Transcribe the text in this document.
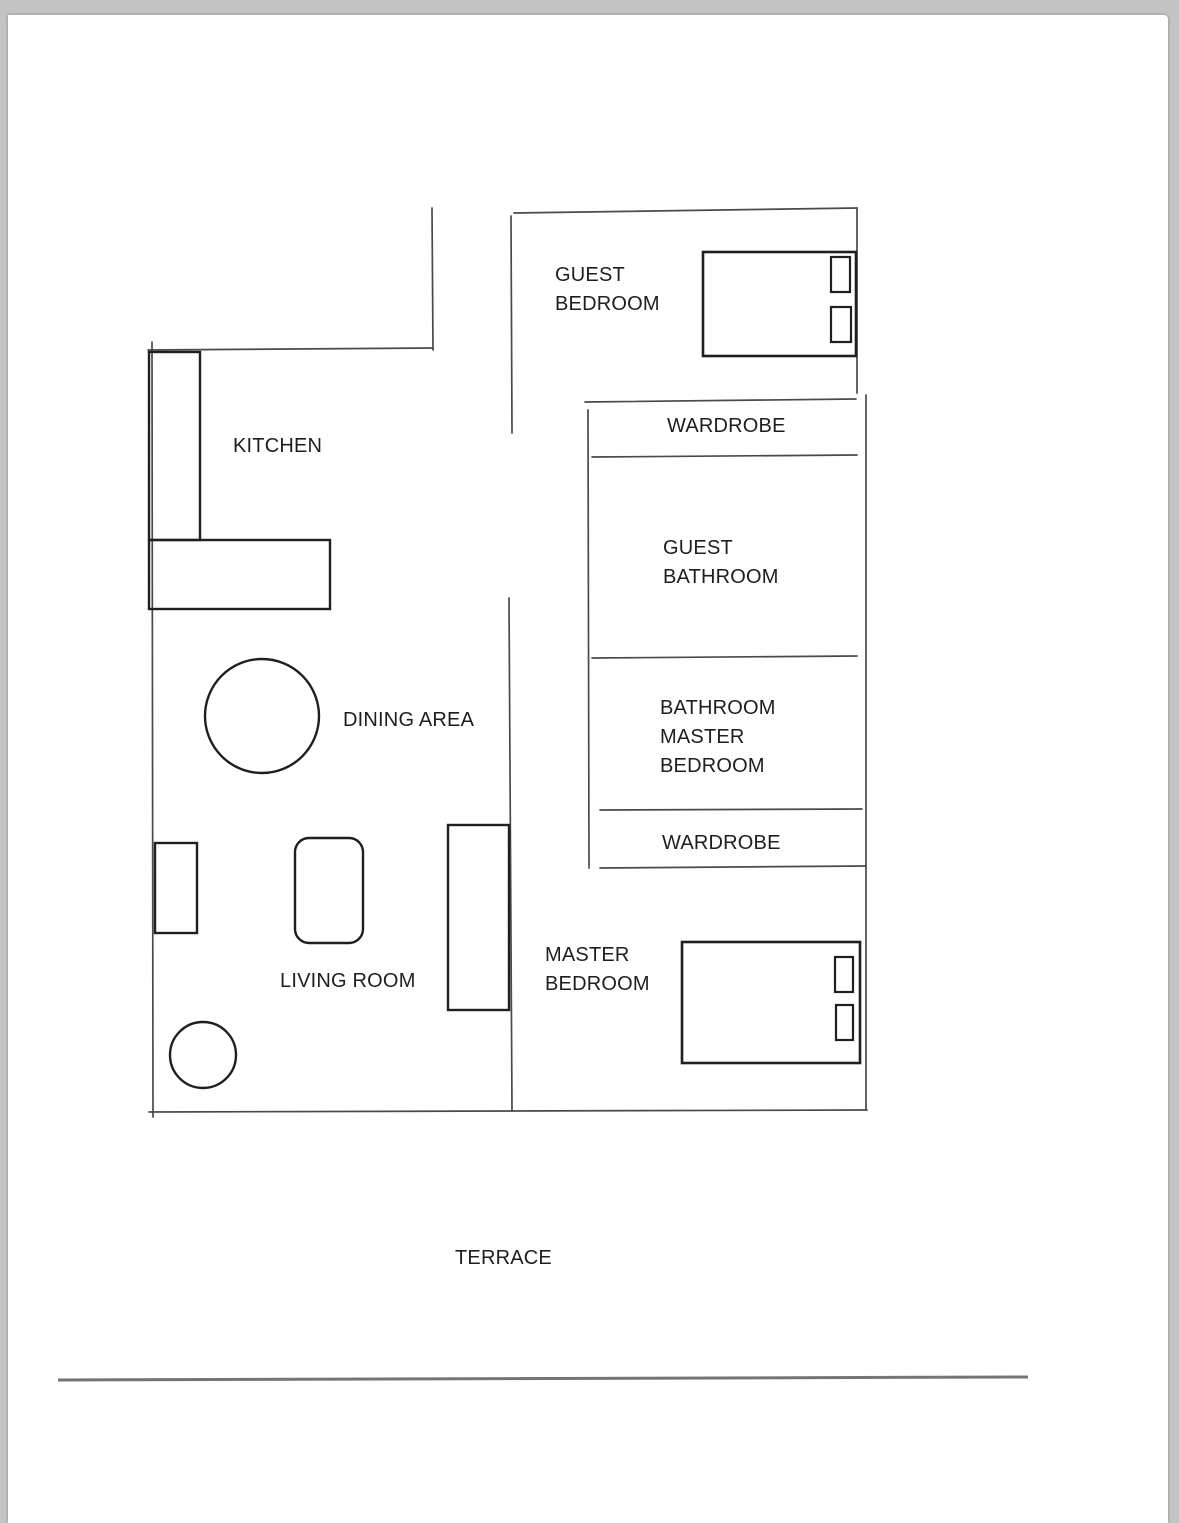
GUEST
BEDROOM
KITCHEN
WARDROBE
GUEST
BATHROOM
BATHROOM
MASTER
BEDROOM
WARDROBE
DINING AREA
MASTER
BEDROOM
LIVING ROOM
TERRACE
